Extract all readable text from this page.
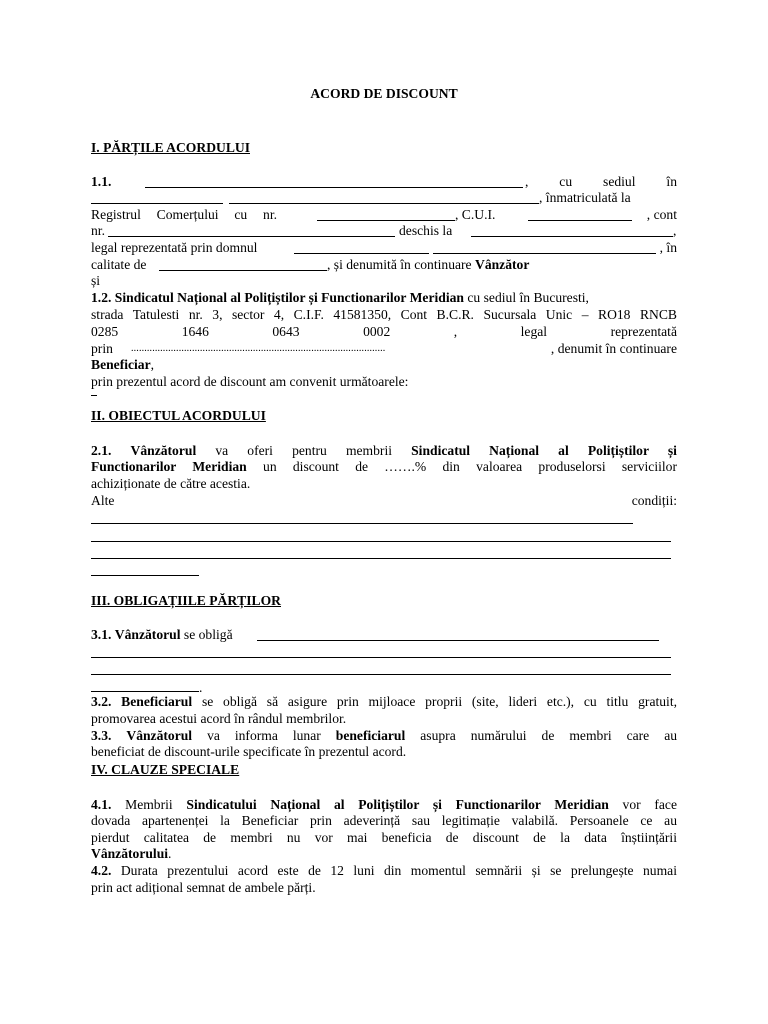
ACORD DE DISCOUNT
I. PĂRȚILE ACORDULUI
1.1.	, cu sediul în
, înmatriculată la
Registrul Comerțului cu nr.	, C.U.I.	, cont
nr.	deschis la	,
legal reprezentată prin domnul	, în
calitate de	, și denumită în continuare Vânzător
și
1.2. Sindicatul Național al Polițiștilor și Functionarilor Meridian cu sediul în Bucuresti,
strada Tatulesti nr. 3, sector 4, C.I.F. 41581350, Cont B.C.R. Sucursala Unic – RO18 RNCB
0285	1646	0643	0002	,	legal	reprezentată
prin ................................................................................................	, denumit în continuare
Beneficiar,
prin prezentul acord de discount am convenit următoarele:
II. OBIECTUL ACORDULUI
2.1. Vânzătorul va oferi pentru membrii Sindicatul Național al Polițiștilor și
Functionarilor Meridian un discount de …….% din valoarea produselorsi serviciilor
achiziționate de către acestia.
Alte	condiții:
III. OBLIGAȚIILE PĂRȚILOR
3.1. Vânzătorul se obligă
.
3.2. Beneficiarul se obligă să asigure prin mijloace proprii (site, lideri etc.), cu titlu gratuit,
promovarea acestui acord în rândul membrilor.
3.3. Vânzătorul va informa lunar beneficiarul asupra numărului de membri care au
beneficiat de discount-urile specificate în prezentul acord.
IV. CLAUZE SPECIALE
4.1. Membrii Sindicatului Național al Polițiștilor și Functionarilor Meridian vor face
dovada apartenenței la Beneficiar prin adeverință sau legitimație valabilă. Persoanele ce au
pierdut calitatea de membri nu vor mai beneficia de discount de la data înștiințării
Vânzătorului.
4.2. Durata prezentului acord este de 12 luni din momentul semnării și se prelungește numai
prin act adițional semnat de ambele părți.
